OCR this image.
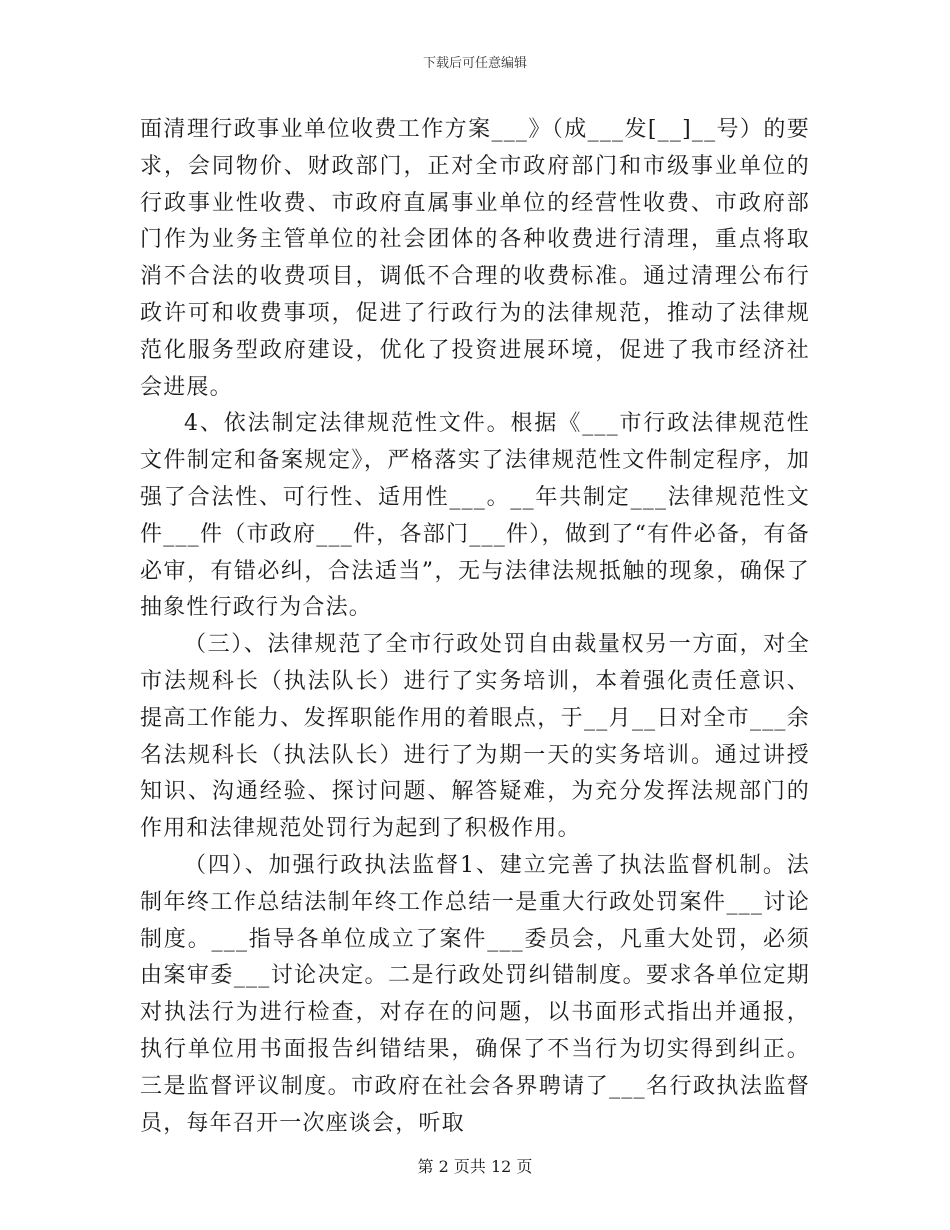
下载后可任意编辑

面清理行政事业单位收费工作方案___》（成___发[__]__号）的要求，会同物价、财政部门，正对全市政府部门和市级事业单位的行政事业性收费、市政府直属事业单位的经营性收费、市政府部门作为业务主管单位的社会团体的各种收费进行清理，重点将取消不合法的收费项目，调低不合理的收费标准。通过清理公布行政许可和收费事项，促进了行政行为的法律规范，推动了法律规范化服务型政府建设，优化了投资进展环境，促进了我市经济社会进展。

4、依法制定法律规范性文件。根据《___市行政法律规范性文件制定和备案规定》，严格落实了法律规范性文件制定程序，加强了合法性、可行性、适用性___。__年共制定___法律规范性文件___件（市政府___件，各部门___件），做到了“有件必备，有备必审，有错必纠，合法适当”，无与法律法规抵触的现象，确保了抽象性行政行为合法。

（三）、法律规范了全市行政处罚自由裁量权另一方面，对全市法规科长（执法队长）进行了实务培训，本着强化责任意识、提高工作能力、发挥职能作用的着眼点，于__月__日对全市___余名法规科长（执法队长）进行了为期一天的实务培训。通过讲授知识、沟通经验、探讨问题、解答疑难，为充分发挥法规部门的作用和法律规范处罚行为起到了积极作用。

（四）、加强行政执法监督1、建立完善了执法监督机制。法制年终工作总结法制年终工作总结一是重大行政处罚案件___讨论制度。___指导各单位成立了案件___委员会，凡重大处罚，必须由案审委___讨论决定。二是行政处罚纠错制度。要求各单位定期对执法行为进行检查，对存在的问题，以书面形式指出并通报，执行单位用书面报告纠错结果，确保了不当行为切实得到纠正。三是监督评议制度。市政府在社会各界聘请了___名行政执法监督员，每年召开一次座谈会，听取

第 2 页共 12 页
